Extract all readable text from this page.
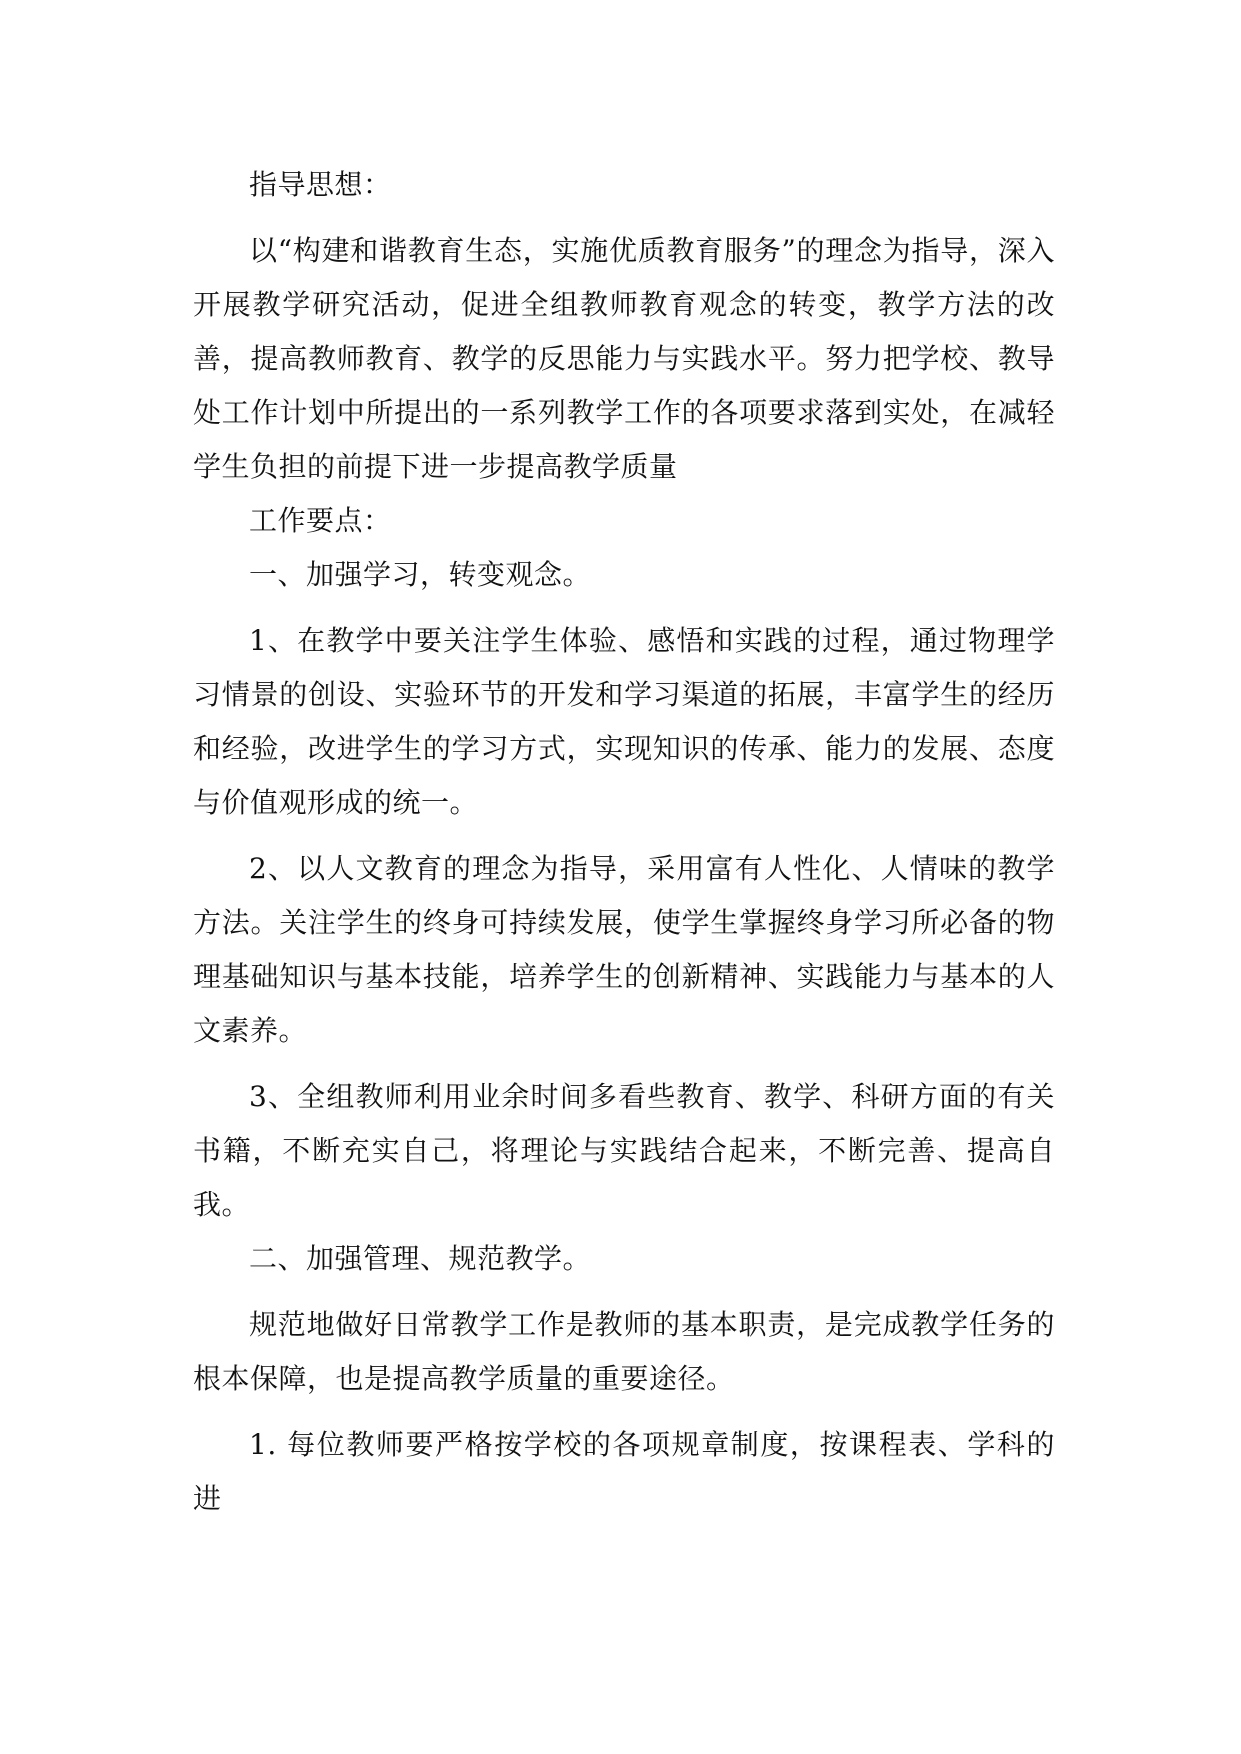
指导思想：

以“构建和谐教育生态，实施优质教育服务”的理念为指导，深入开展教学研究活动，促进全组教师教育观念的转变，教学方法的改善，提高教师教育、教学的反思能力与实践水平。努力把学校、教导处工作计划中所提出的一系列教学工作的各项要求落到实处，在减轻学生负担的前提下进一步提高教学质量

工作要点：

一、加强学习，转变观念。

1、在教学中要关注学生体验、感悟和实践的过程，通过物理学习情景的创设、实验环节的开发和学习渠道的拓展，丰富学生的经历和经验，改进学生的学习方式，实现知识的传承、能力的发展、态度与价值观形成的统一。

2、以人文教育的理念为指导，采用富有人性化、人情味的教学方法。关注学生的终身可持续发展，使学生掌握终身学习所必备的物理基础知识与基本技能，培养学生的创新精神、实践能力与基本的人文素养。

3、全组教师利用业余时间多看些教育、教学、科研方面的有关书籍，不断充实自己，将理论与实践结合起来，不断完善、提高自我。

二、加强管理、规范教学。

规范地做好日常教学工作是教师的基本职责，是完成教学任务的根本保障，也是提高教学质量的重要途径。

1. 每位教师要严格按学校的各项规章制度，按课程表、学科的进
